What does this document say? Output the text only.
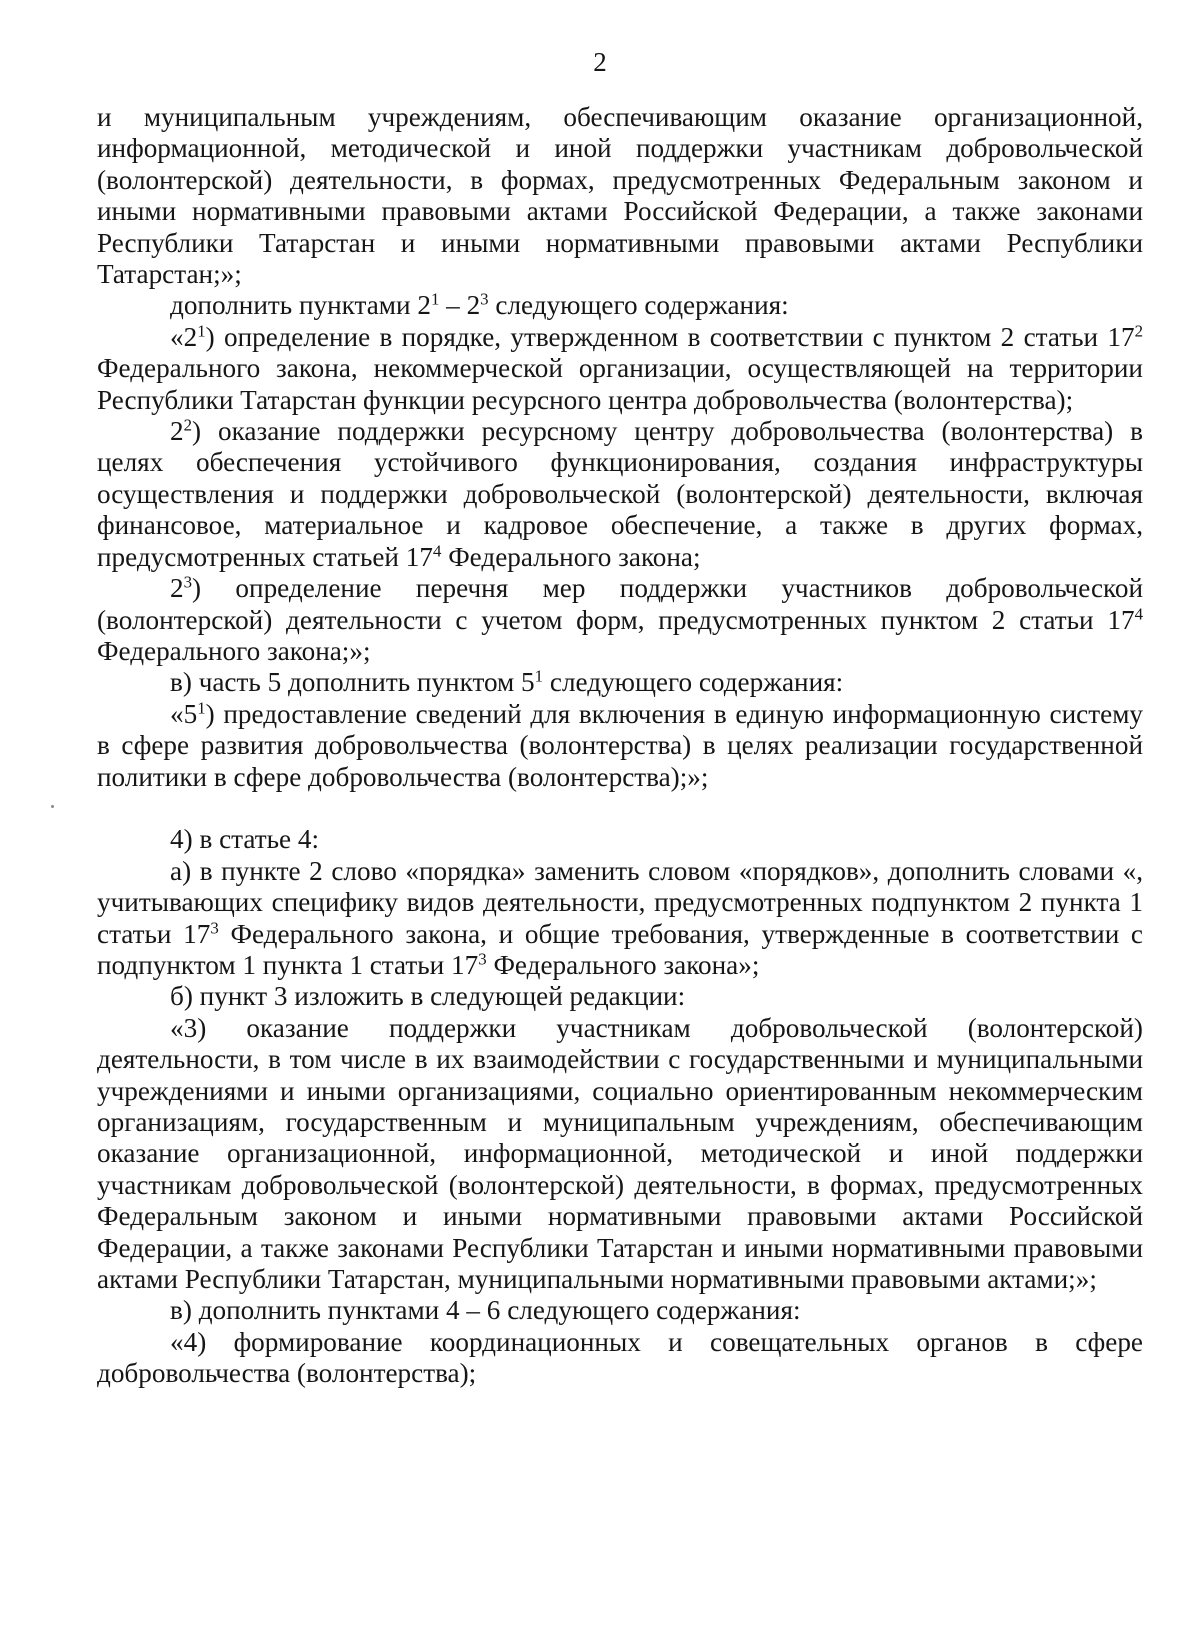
2

и муниципальным учреждениям, обеспечивающим оказание организационной, информационной, методической и иной поддержки участникам добровольческой (волонтерской) деятельности, в формах, предусмотренных Федеральным законом и иными нормативными правовыми актами Российской Федерации, а также законами Республики Татарстан и иными нормативными правовыми актами Республики Татарстан;»;

дополнить пунктами $2^1 - 2^3$ следующего содержания:

«$2^1$) определение в порядке, утвержденном в соответствии с пунктом 2 статьи $17^2$ Федерального закона, некоммерческой организации, осуществляющей на территории Республики Татарстан функции ресурсного центра добровольчества (волонтерства);

$2^2$) оказание поддержки ресурсному центру добровольчества (волонтерства) в целях обеспечения устойчивого функционирования, создания инфраструктуры осуществления и поддержки добровольческой (волонтерской) деятельности, включая финансовое, материальное и кадровое обеспечение, а также в других формах, предусмотренных статьей $17^4$ Федерального закона;

$2^3$) определение перечня мер поддержки участников добровольческой (волонтерской) деятельности с учетом форм, предусмотренных пунктом 2 статьи $17^4$ Федерального закона;»;

в) часть 5 дополнить пунктом $5^1$ следующего содержания:

«$5^1$) предоставление сведений для включения в единую информационную систему в сфере развития добровольчества (волонтерства) в целях реализации государственной политики в сфере добровольчества (волонтерства);»;

4) в статье 4:

а) в пункте 2 слово «порядка» заменить словом «порядков», дополнить словами «, учитывающих специфику видов деятельности, предусмотренных подпунктом 2 пункта 1 статьи $17^3$ Федерального закона, и общие требования, утвержденные в соответствии с подпунктом 1 пункта 1 статьи $17^3$ Федерального закона»;

б) пункт 3 изложить в следующей редакции:

«3) оказание поддержки участникам добровольческой (волонтерской) деятельности, в том числе в их взаимодействии с государственными и муниципальными учреждениями и иными организациями, социально ориентированным некоммерческим организациям, государственным и муниципальным учреждениям, обеспечивающим оказание организационной, информационной, методической и иной поддержки участникам добровольческой (волонтерской) деятельности, в формах, предусмотренных Федеральным законом и иными нормативными правовыми актами Российской Федерации, а также законами Республики Татарстан и иными нормативными правовыми актами Республики Татарстан, муниципальными нормативными правовыми актами;»;

в) дополнить пунктами 4 – 6 следующего содержания:

«4) формирование координационных и совещательных органов в сфере добровольчества (волонтерства);
